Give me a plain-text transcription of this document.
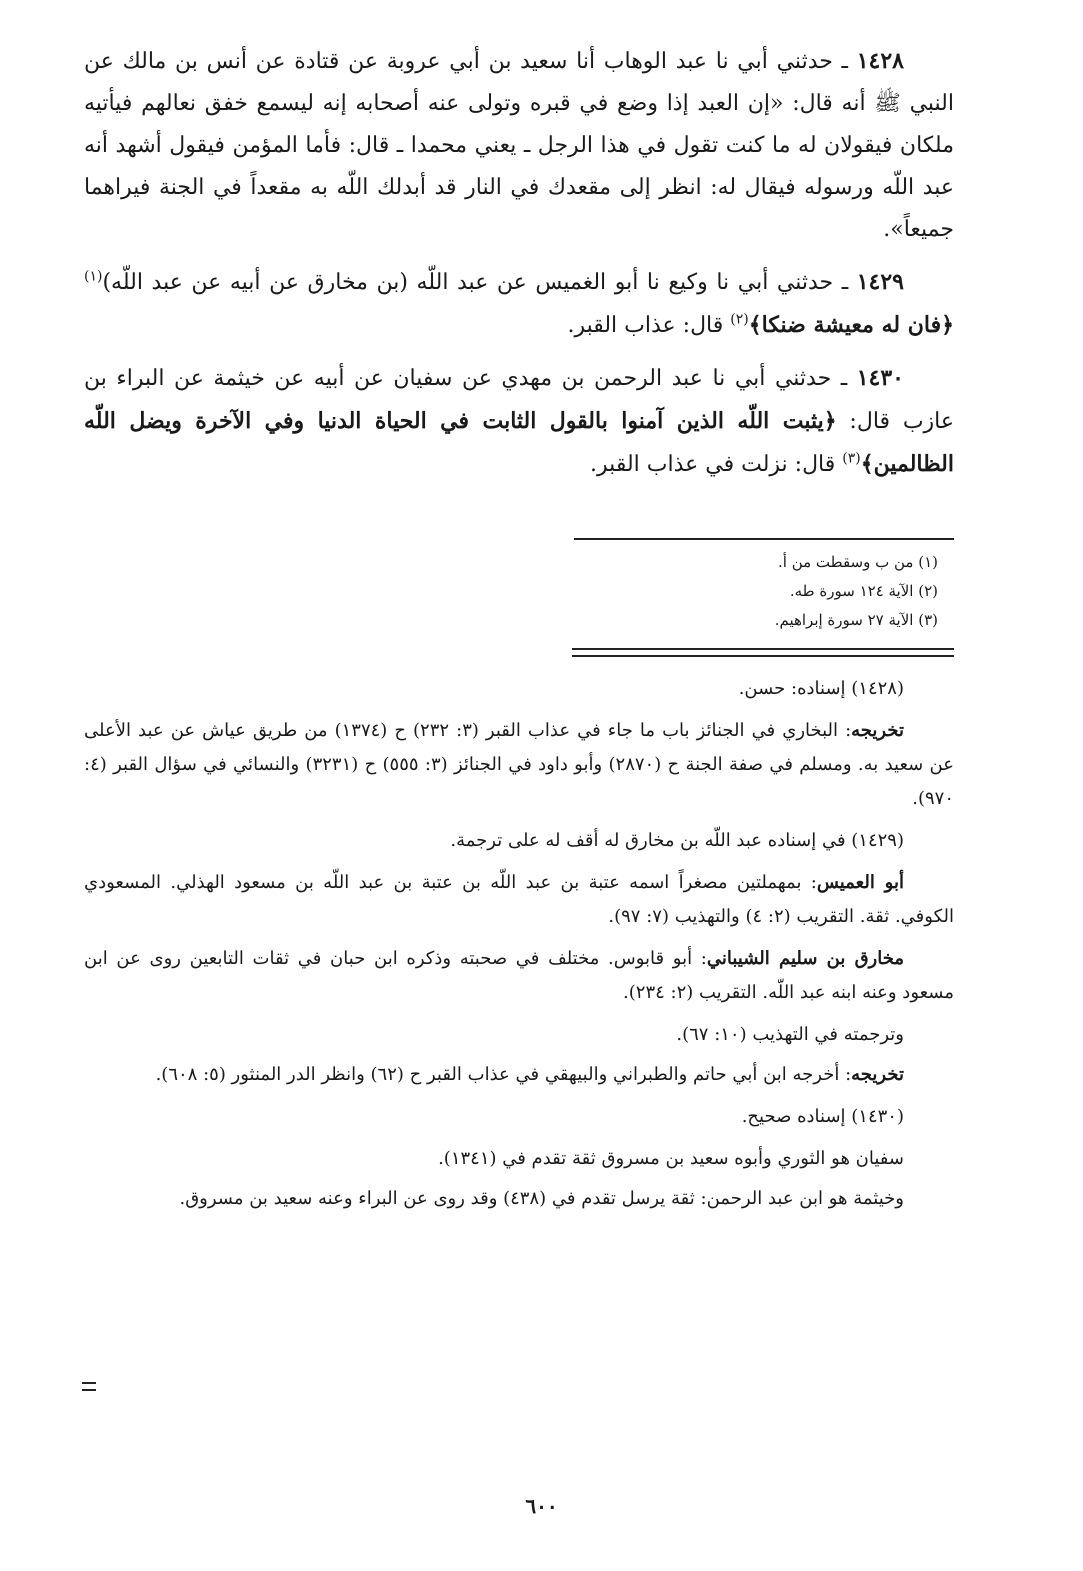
١٤٢٨ ـ حدثني أبي نا عبد الوهاب أنا سعيد بن أبي عروبة عن قتادة عن أنس بن مالك عن النبي ﷺ أنه قال: «إن العبد إذا وضع في قبره وتولى عنه أصحابه إنه ليسمع خفق نعالهم فيأتيه ملكان فيقولان له ما كنت تقول في هذا الرجل ـ يعني محمدا ـ قال: فأما المؤمن فيقول أشهد أنه عبد اللّه ورسوله فيقال له: انظر إلى مقعدك في النار قد أبدلك اللّه به مقعداً في الجنة فيراهما جميعاً».

١٤٢٩ ـ حدثني أبي نا وكيع نا أبو الغميس عن عبد اللّه (بن مخارق عن أبيه عن عبد اللّه)$^{(١)}$ ﴿فان له معيشة ضنكا﴾$^{(٢)}$ قال: عذاب القبر.

١٤٣٠ ـ حدثني أبي نا عبد الرحمن بن مهدي عن سفيان عن أبيه عن خيثمة عن البراء بن عازب قال: ﴿يثبت اللّه الذين آمنوا بالقول الثابت في الحياة الدنيا وفي الآخرة ويضل اللّه الظالمين﴾$^{(٣)}$ قال: نزلت في عذاب القبر.

(١) من ب وسقطت من أ.
(٢) الآية ١٢٤ سورة طه.
(٣) الآية ٢٧ سورة إبراهيم.

(١٤٢٨) إسناده: حسن.

تخريجه: البخاري في الجنائز باب ما جاء في عذاب القبر (٣: ٢٣٢) ح (١٣٧٤) من طريق عياش عن عبد الأعلى عن سعيد به. ومسلم في صفة الجنة ح (٢٨٧٠) وأبو داود في الجنائز (٣: ٥٥٥) ح (٣٢٣١) والنسائي في سؤال القبر (٤: ٩٧٠).

(١٤٢٩) في إسناده عبد اللّه بن مخارق له أقف له على ترجمة.

أبو العميس: بمهملتين مصغراً اسمه عتبة بن عبد اللّه بن عتبة بن عبد اللّه بن مسعود الهذلي. المسعودي الكوفي. ثقة. التقريب (٢: ٤) والتهذيب (٧: ٩٧).

مخارق بن سليم الشيباني: أبو قابوس. مختلف في صحبته وذكره ابن حبان في ثقات التابعين روى عن ابن مسعود وعنه ابنه عبد اللّه. التقريب (٢: ٢٣٤).

وترجمته في التهذيب (١٠: ٦٧).

تخريجه: أخرجه ابن أبي حاتم والطبراني والبيهقي في عذاب القبر ح (٦٢) وانظر الدر المنثور (٥: ٦٠٨).

(١٤٣٠) إسناده صحيح.

سفيان هو الثوري وأبوه سعيد بن مسروق ثقة تقدم في (١٣٤١).

وخيثمة هو ابن عبد الرحمن: ثقة يرسل تقدم في (٤٣٨) وقد روى عن البراء وعنه سعيد بن مسروق.

٦٠٠
